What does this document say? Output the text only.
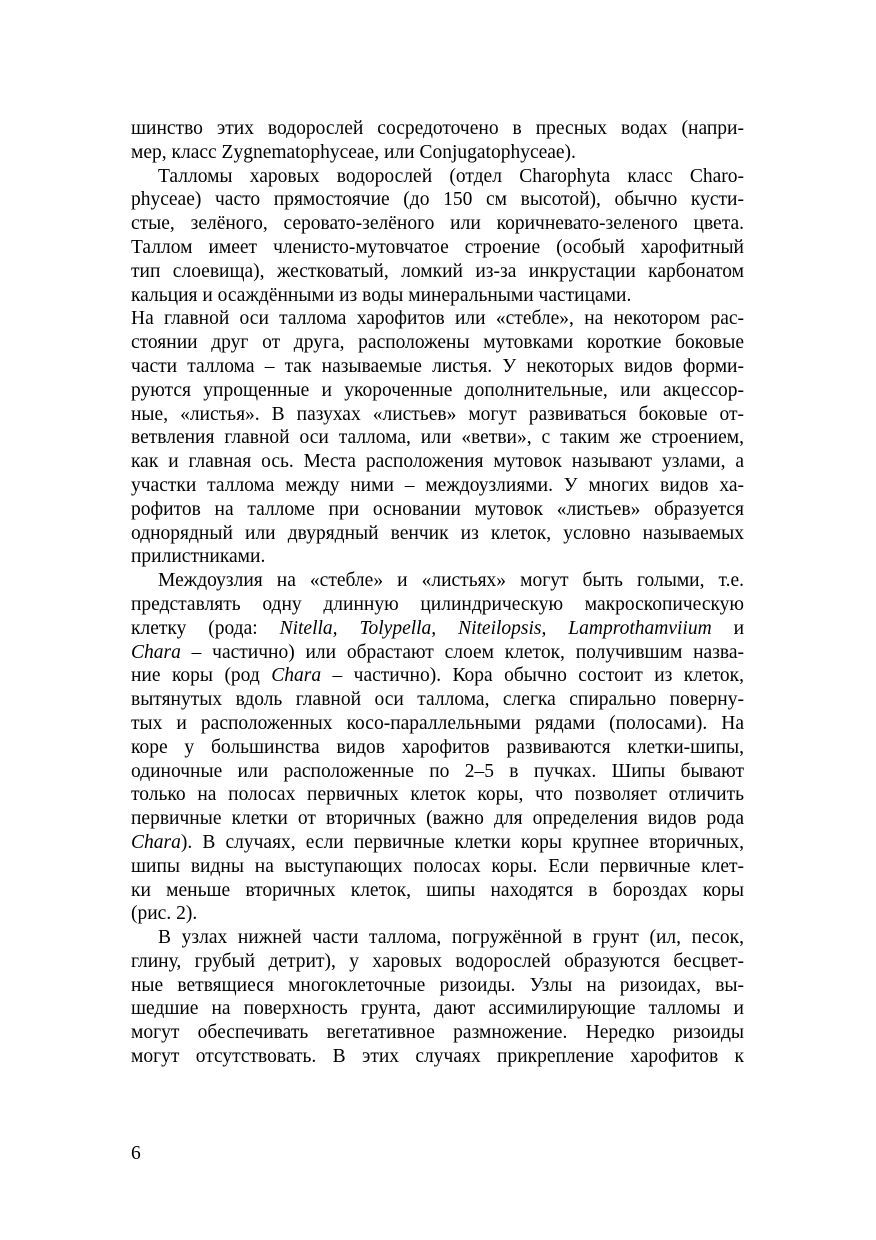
шинство этих водорослей сосредоточено в пресных водах (напри-
мер, класс Zygnematophyceae, или Conjugatophyceae).
Талломы харовых водорослей (отдел Charophyta класс Charo-
phyceae) часто прямостоячие (до 150 см высотой), обычно кусти-
стые, зелёного, серовато-зелёного или коричневато-зеленого цвета.
Таллом имеет членисто-мутовчатое строение (особый харофитный
тип слоевища), жестковатый, ломкий из-за инкрустации карбонатом
кальция и осаждёнными из воды минеральными частицами.
На главной оси таллома харофитов или «стебле», на некотором рас-
стоянии друг от друга, расположены мутовками короткие боковые
части таллома – так называемые листья. У некоторых видов форми-
руются упрощенные и укороченные дополнительные, или акцессор-
ные, «листья». В пазухах «листьев» могут развиваться боковые от-
ветвления главной оси таллома, или «ветви», с таким же строением,
как и главная ось. Места расположения мутовок называют узлами, а
участки таллома между ними – междоузлиями. У многих видов ха-
рофитов на талломе при основании мутовок «листьев» образуется
однорядный или двурядный венчик из клеток, условно называемых
прилистниками.
Междоузлия на «стебле» и «листьях» могут быть голыми, т.е.
представлять одну длинную цилиндрическую макроскопическую
клетку (рода: Nitella, Tolypella, Niteilopsis, Lamprothamviium и
Chara – частично) или обрастают слоем клеток, получившим назва-
ние коры (род Chara – частично). Кора обычно состоит из клеток,
вытянутых вдоль главной оси таллома, слегка спирально поверну-
тых и расположенных косо-параллельными рядами (полосами). На
коре у большинства видов харофитов развиваются клетки-шипы,
одиночные или расположенные по 2–5 в пучках. Шипы бывают
только на полосах первичных клеток коры, что позволяет отличить
первичные клетки от вторичных (важно для определения видов рода
Chara). В случаях, если первичные клетки коры крупнее вторичных,
шипы видны на выступающих полосах коры. Если первичные клет-
ки меньше вторичных клеток, шипы находятся в бороздах коры
(рис. 2).
В узлах нижней части таллома, погружённой в грунт (ил, песок,
глину, грубый детрит), у харовых водорослей образуются бесцвет-
ные ветвящиеся многоклеточные ризоиды. Узлы на ризоидах, вы-
шедшие на поверхность грунта, дают ассимилирующие талломы и
могут обеспечивать вегетативное размножение. Нередко ризоиды
могут отсутствовать. В этих случаях прикрепление харофитов к
6
